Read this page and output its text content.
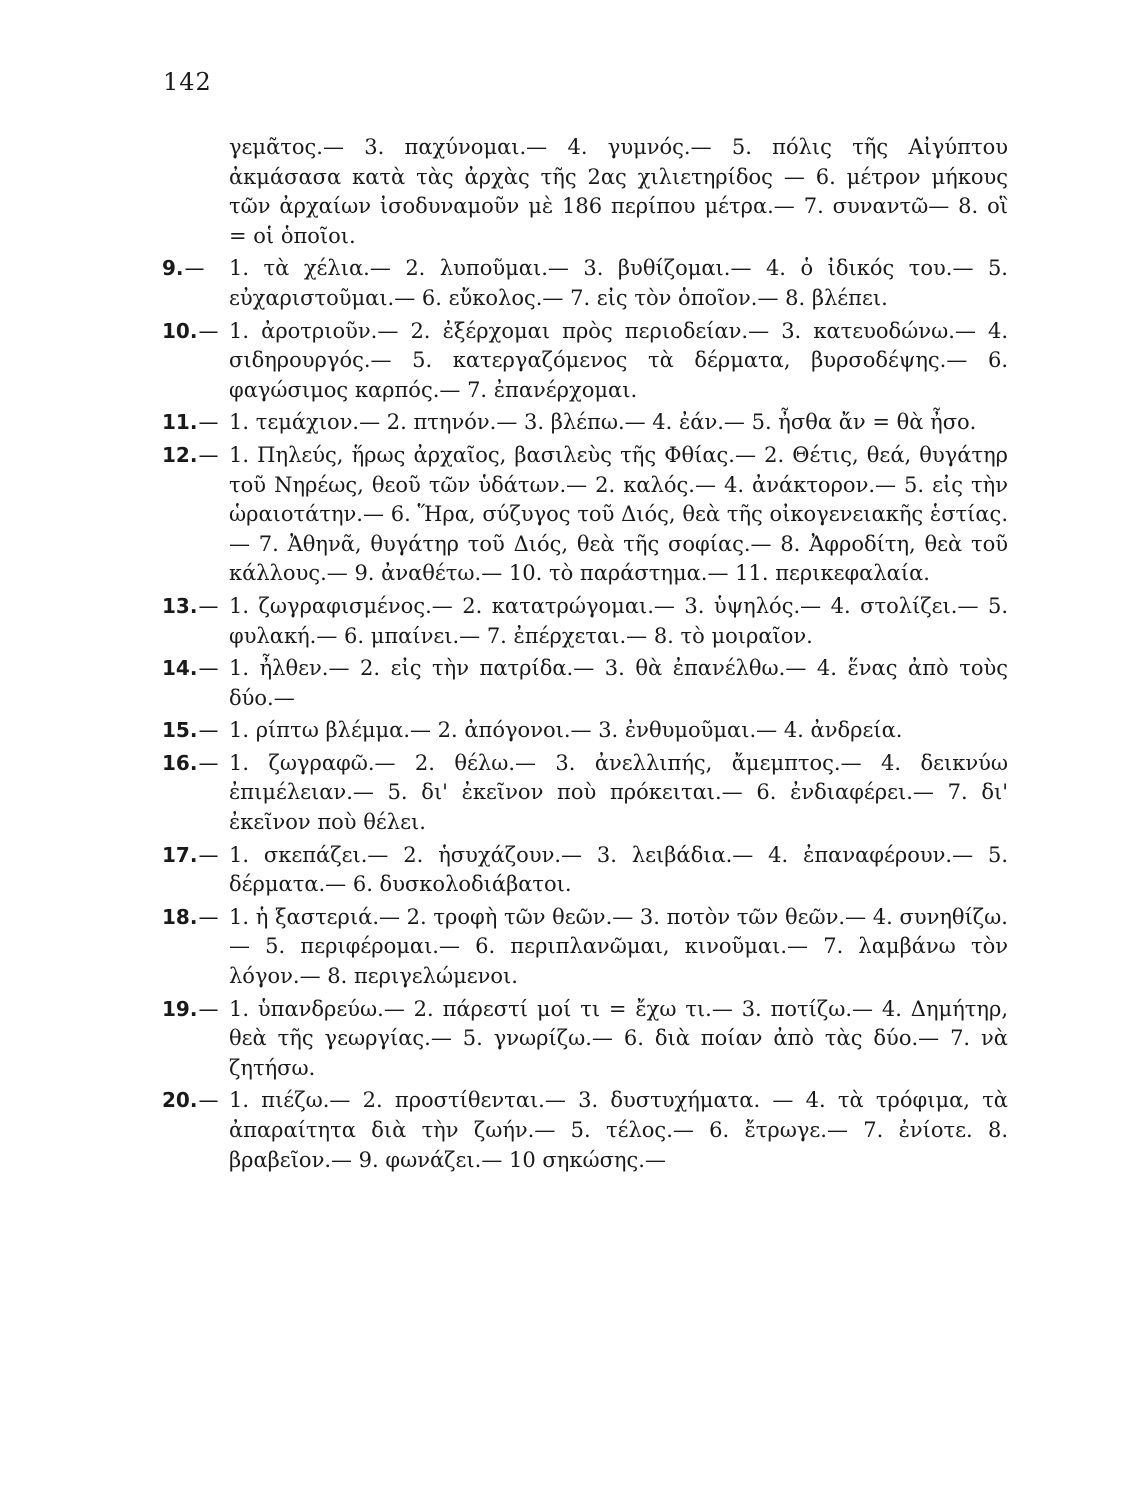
142
γεμᾶτος.— 3. παχύνομαι.— 4. γυμνός.— 5. πόλις τῆς Αἰγύπτου ἀκμάσασα κατὰ τὰς ἀρχὰς τῆς 2ας χιλιετηρίδος — 6. μέτρον μήκους τῶν ἀρχαίων ἰσοδυναμοῦν μὲ 186 περίπου μέτρα.— 7. συναντῶ— 8. οἳ = οἱ ὁποῖοι.
9.—	1. τὰ χέλια.— 2. λυποῦμαι.— 3. βυθίζομαι.— 4. ὁ ἰδικός του.— 5. εὐχαριστοῦμαι.— 6. εὔκολος.— 7. εἰς τὸν ὁποῖον.— 8. βλέπει.
10.— 1. ἀροτριοῦν.— 2. ἐξέρχομαι πρὸς περιοδείαν.— 3. κατευοδώνω.— 4. σιδηρουργός.— 5. κατεργαζόμενος τὰ δέρματα, βυρσοδέψης.— 6. φαγώσιμος καρπός.— 7. ἐπανέρχομαι.
11.— 1. τεμάχιον.— 2. πτηνόν.— 3. βλέπω.— 4. ἐάν.— 5. ἦσθα ἄν = θὰ ἦσο.
12.— 1. Πηλεύς, ἥρως ἀρχαῖος, βασιλεὺς τῆς Φθίας.— 2. Θέτις, θεά, θυγάτηρ τοῦ Νηρέως, θεοῦ τῶν ὑδάτων.— 2. καλός.— 4. ἀνάκτορον.— 5. εἰς τὴν ὡραιοτάτην.— 6. Ἥρα, σύζυγος τοῦ Διός, θεὰ τῆς οἰκογενειακῆς ἑστίας.— 7. Ἀθηνᾶ, θυγάτηρ τοῦ Διός, θεὰ τῆς σοφίας.— 8. Ἀφροδίτη, θεὰ τοῦ κάλλους.— 9. ἀναθέτω.— 10. τὸ παράστημα.— 11. περικεφαλαία.
13.— 1. ζωγραφισμένος.— 2. κατατρώγομαι.— 3. ὑψηλός.— 4. στολίζει.— 5. φυλακή.— 6. μπαίνει.— 7. ἐπέρχεται.— 8. τὸ μοιραῖον.
14.— 1. ἦλθεν.— 2. εἰς τὴν πατρίδα.— 3. θὰ ἐπανέλθω.— 4. ἕνας ἀπὸ τοὺς δύο.—
15.— 1. ρίπτω βλέμμα.— 2. ἀπόγονοι.— 3. ἐνθυμοῦμαι.— 4. ἀνδρεία.
16.— 1. ζωγραφῶ.— 2. θέλω.— 3. ἀνελλιπής, ἄμεμπτος.— 4. δεικνύω ἐπιμέλειαν.— 5. δι' ἐκεῖνον ποὺ πρόκειται.— 6. ἐνδιαφέρει.— 7. δι' ἐκεῖνον ποὺ θέλει.
17.— 1. σκεπάζει.— 2. ἡσυχάζουν.— 3. λειβάδια.— 4. ἐπαναφέρουν.— 5. δέρματα.— 6. δυσκολοδιάβατοι.
18.— 1. ἡ ξαστεριά.— 2. τροφὴ τῶν θεῶν.— 3. ποτὸν τῶν θεῶν.— 4. συνηθίζω.— 5. περιφέρομαι.— 6. περιπλανῶμαι, κινοῦμαι.— 7. λαμβάνω τὸν λόγον.— 8. περιγελώμενοι.
19.— 1. ὑπανδρεύω.— 2. πάρεστί μοί τι = ἔχω τι.— 3. ποτίζω.— 4. Δημήτηρ, θεὰ τῆς γεωργίας.— 5. γνωρίζω.— 6. διὰ ποίαν ἀπὸ τὰς δύο.— 7. νὰ ζητήσω.
20.— 1. πιέζω.— 2. προστίθενται.— 3. δυστυχήματα. — 4. τὰ τρόφιμα, τὰ ἀπαραίτητα διὰ τὴν ζωήν.— 5. τέλος.— 6. ἔτρωγε.— 7. ἐνίοτε. 8. βραβεῖον.— 9. φωνάζει.— 10 σηκώσης.—
